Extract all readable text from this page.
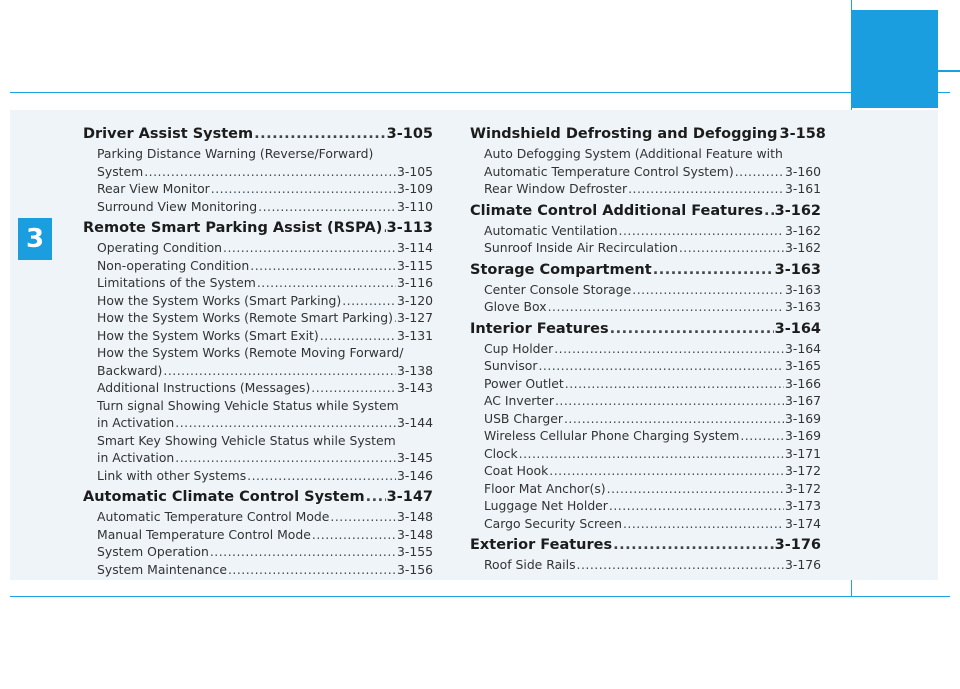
3
Driver Assist System .....	3-105
Parking Distance Warning (Reverse/Forward)
System .....	3-105
Rear View Monitor .....	3-109
Surround View Monitoring .....	3-110
Remote Smart Parking Assist (RSPA) ..... 3-113
Operating Condition .....	3-114
Non-operating Condition .....	3-115
Limitations of the System .....	3-116
How the System Works (Smart Parking) .....	3-120
How the System Works (Remote Smart Parking) ..... 3-127
How the System Works (Smart Exit) .....	3-131
How the System Works (Remote Moving Forward/
Backward) .....	3-138
Additional Instructions (Messages) .....	3-143
Turn signal Showing Vehicle Status while System
in Activation .....	3-144
Smart Key Showing Vehicle Status while System
in Activation .....	3-145
Link with other Systems .....	3-146
Automatic Climate Control System ..... 3-147
Automatic Temperature Control Mode .....	3-148
Manual Temperature Control Mode .....	3-148
System Operation .....	3-155
System Maintenance .....	3-156
Windshield Defrosting and Defogging 3-158
Auto Defogging System (Additional Feature with
Automatic Temperature Control System) .....	3-160
Rear Window Defroster .....	3-161
Climate Control Additional Features ..... 3-162
Automatic Ventilation .....	3-162
Sunroof Inside Air Recirculation .....	3-162
Storage Compartment .....	3-163
Center Console Storage .....	3-163
Glove Box .....	3-163
Interior Features .....	3-164
Cup Holder .....	3-164
Sunvisor .....	3-165
Power Outlet .....	3-166
AC Inverter .....	3-167
USB Charger .....	3-169
Wireless Cellular Phone Charging System .....	3-169
Clock .....	3-171
Coat Hook .....	3-172
Floor Mat Anchor(s) .....	3-172
Luggage Net Holder .....	3-173
Cargo Security Screen .....	3-174
Exterior Features .....	3-176
Roof Side Rails .....	3-176
